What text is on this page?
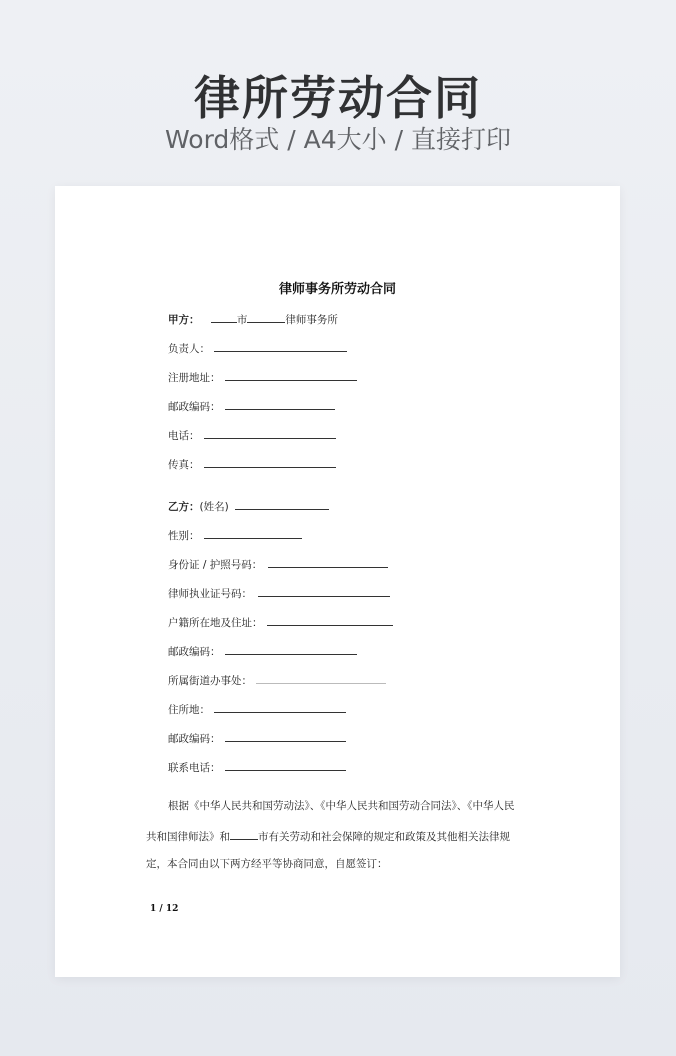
律所劳动合同
Word格式 / A4大小 / 直接打印
律师事务所劳动合同
甲方：	市	律师事务所
负责人：
注册地址：
邮政编码：
电话：
传真：
乙方：(姓名)
性别：
身份证 / 护照号码：
律师执业证号码：
户籍所在地及住址：
邮政编码：
所属街道办事处：
住所地：
邮政编码：
联系电话：
根据《中华人民共和国劳动法》、《中华人民共和国劳动合同法》、《中华人民
共和国律师法》和	市有关劳动和社会保障的规定和政策及其他相关法律规
定，本合同由以下两方经平等协商同意，自愿签订：
1 / 12
